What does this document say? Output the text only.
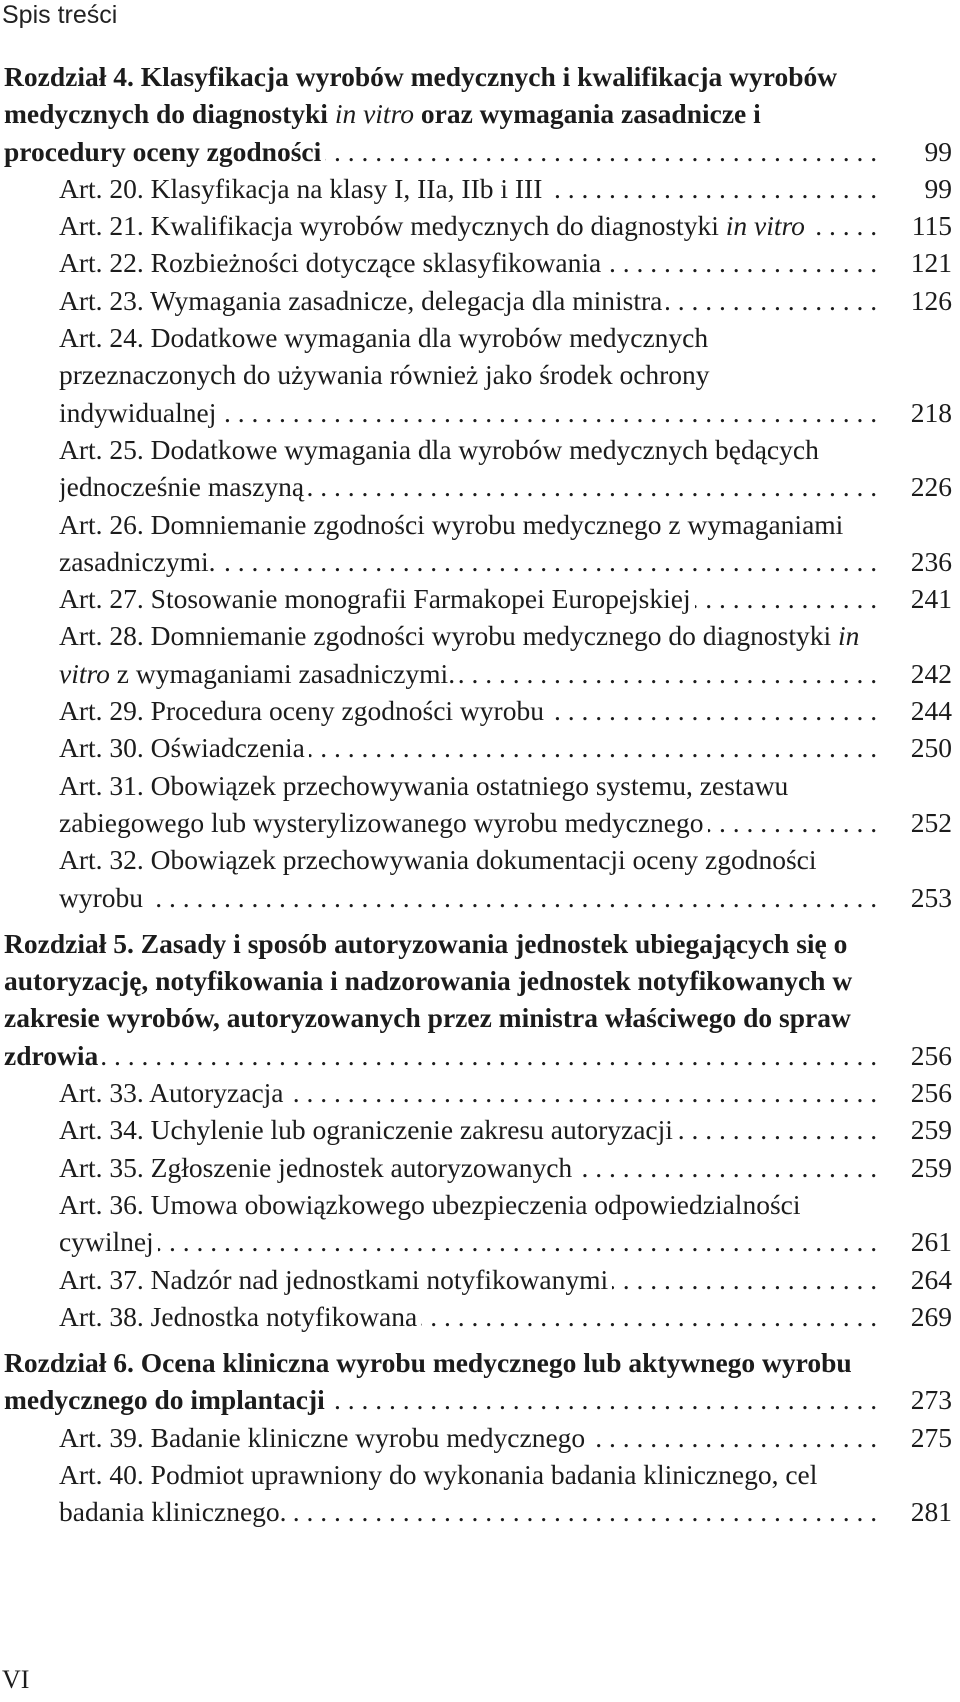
Spis treści
Rozdział 4. Klasyfikacja wyrobów medycznych i kwalifikacja wyrobów medycznych do diagnostyki in vitro oraz wymagania zasadnicze i procedury oceny zgodności . . .	99
Art. 20. Klasyfikacja na klasy I, IIa, IIb i III . . .	99
Art. 21. Kwalifikacja wyrobów medycznych do diagnostyki in vitro . . .	115
Art. 22. Rozbieżności dotyczące sklasyfikowania . . .	121
Art. 23. Wymagania zasadnicze, delegacja dla ministra . . .	126
Art. 24. Dodatkowe wymagania dla wyrobów medycznych przeznaczonych do używania również jako środek ochrony indywidualnej . . .	218
Art. 25. Dodatkowe wymagania dla wyrobów medycznych będących jednocześnie maszyną . . .	226
Art. 26. Domniemanie zgodności wyrobu medycznego z wymaganiami zasadniczymi. . . .	236
Art. 27. Stosowanie monografii Farmakopei Europejskiej . . .	241
Art. 28. Domniemanie zgodności wyrobu medycznego do diagnostyki in vitro z wymaganiami zasadniczymi. . . .	242
Art. 29. Procedura oceny zgodności wyrobu . . .	244
Art. 30. Oświadczenia . . .	250
Art. 31. Obowiązek przechowywania ostatniego systemu, zestawu zabiegowego lub wysterylizowanego wyrobu medycznego . . .	252
Art. 32. Obowiązek przechowywania dokumentacji oceny zgodności wyrobu . . .	253
Rozdział 5. Zasady i sposób autoryzowania jednostek ubiegających się o autoryzację, notyfikowania i nadzorowania jednostek notyfikowanych w zakresie wyrobów, autoryzowanych przez ministra właściwego do spraw zdrowia . . .	256
Art. 33. Autoryzacja . . .	256
Art. 34. Uchylenie lub ograniczenie zakresu autoryzacji . . .	259
Art. 35. Zgłoszenie jednostek autoryzowanych . . .	259
Art. 36. Umowa obowiązkowego ubezpieczenia odpowiedzialności cywilnej . . .	261
Art. 37. Nadzór nad jednostkami notyfikowanymi . . .	264
Art. 38. Jednostka notyfikowana . . .	269
Rozdział 6. Ocena kliniczna wyrobu medycznego lub aktywnego wyrobu medycznego do implantacji . . .	273
Art. 39. Badanie kliniczne wyrobu medycznego . . .	275
Art. 40. Podmiot uprawniony do wykonania badania klinicznego, cel badania klinicznego. . . .	281
VI
